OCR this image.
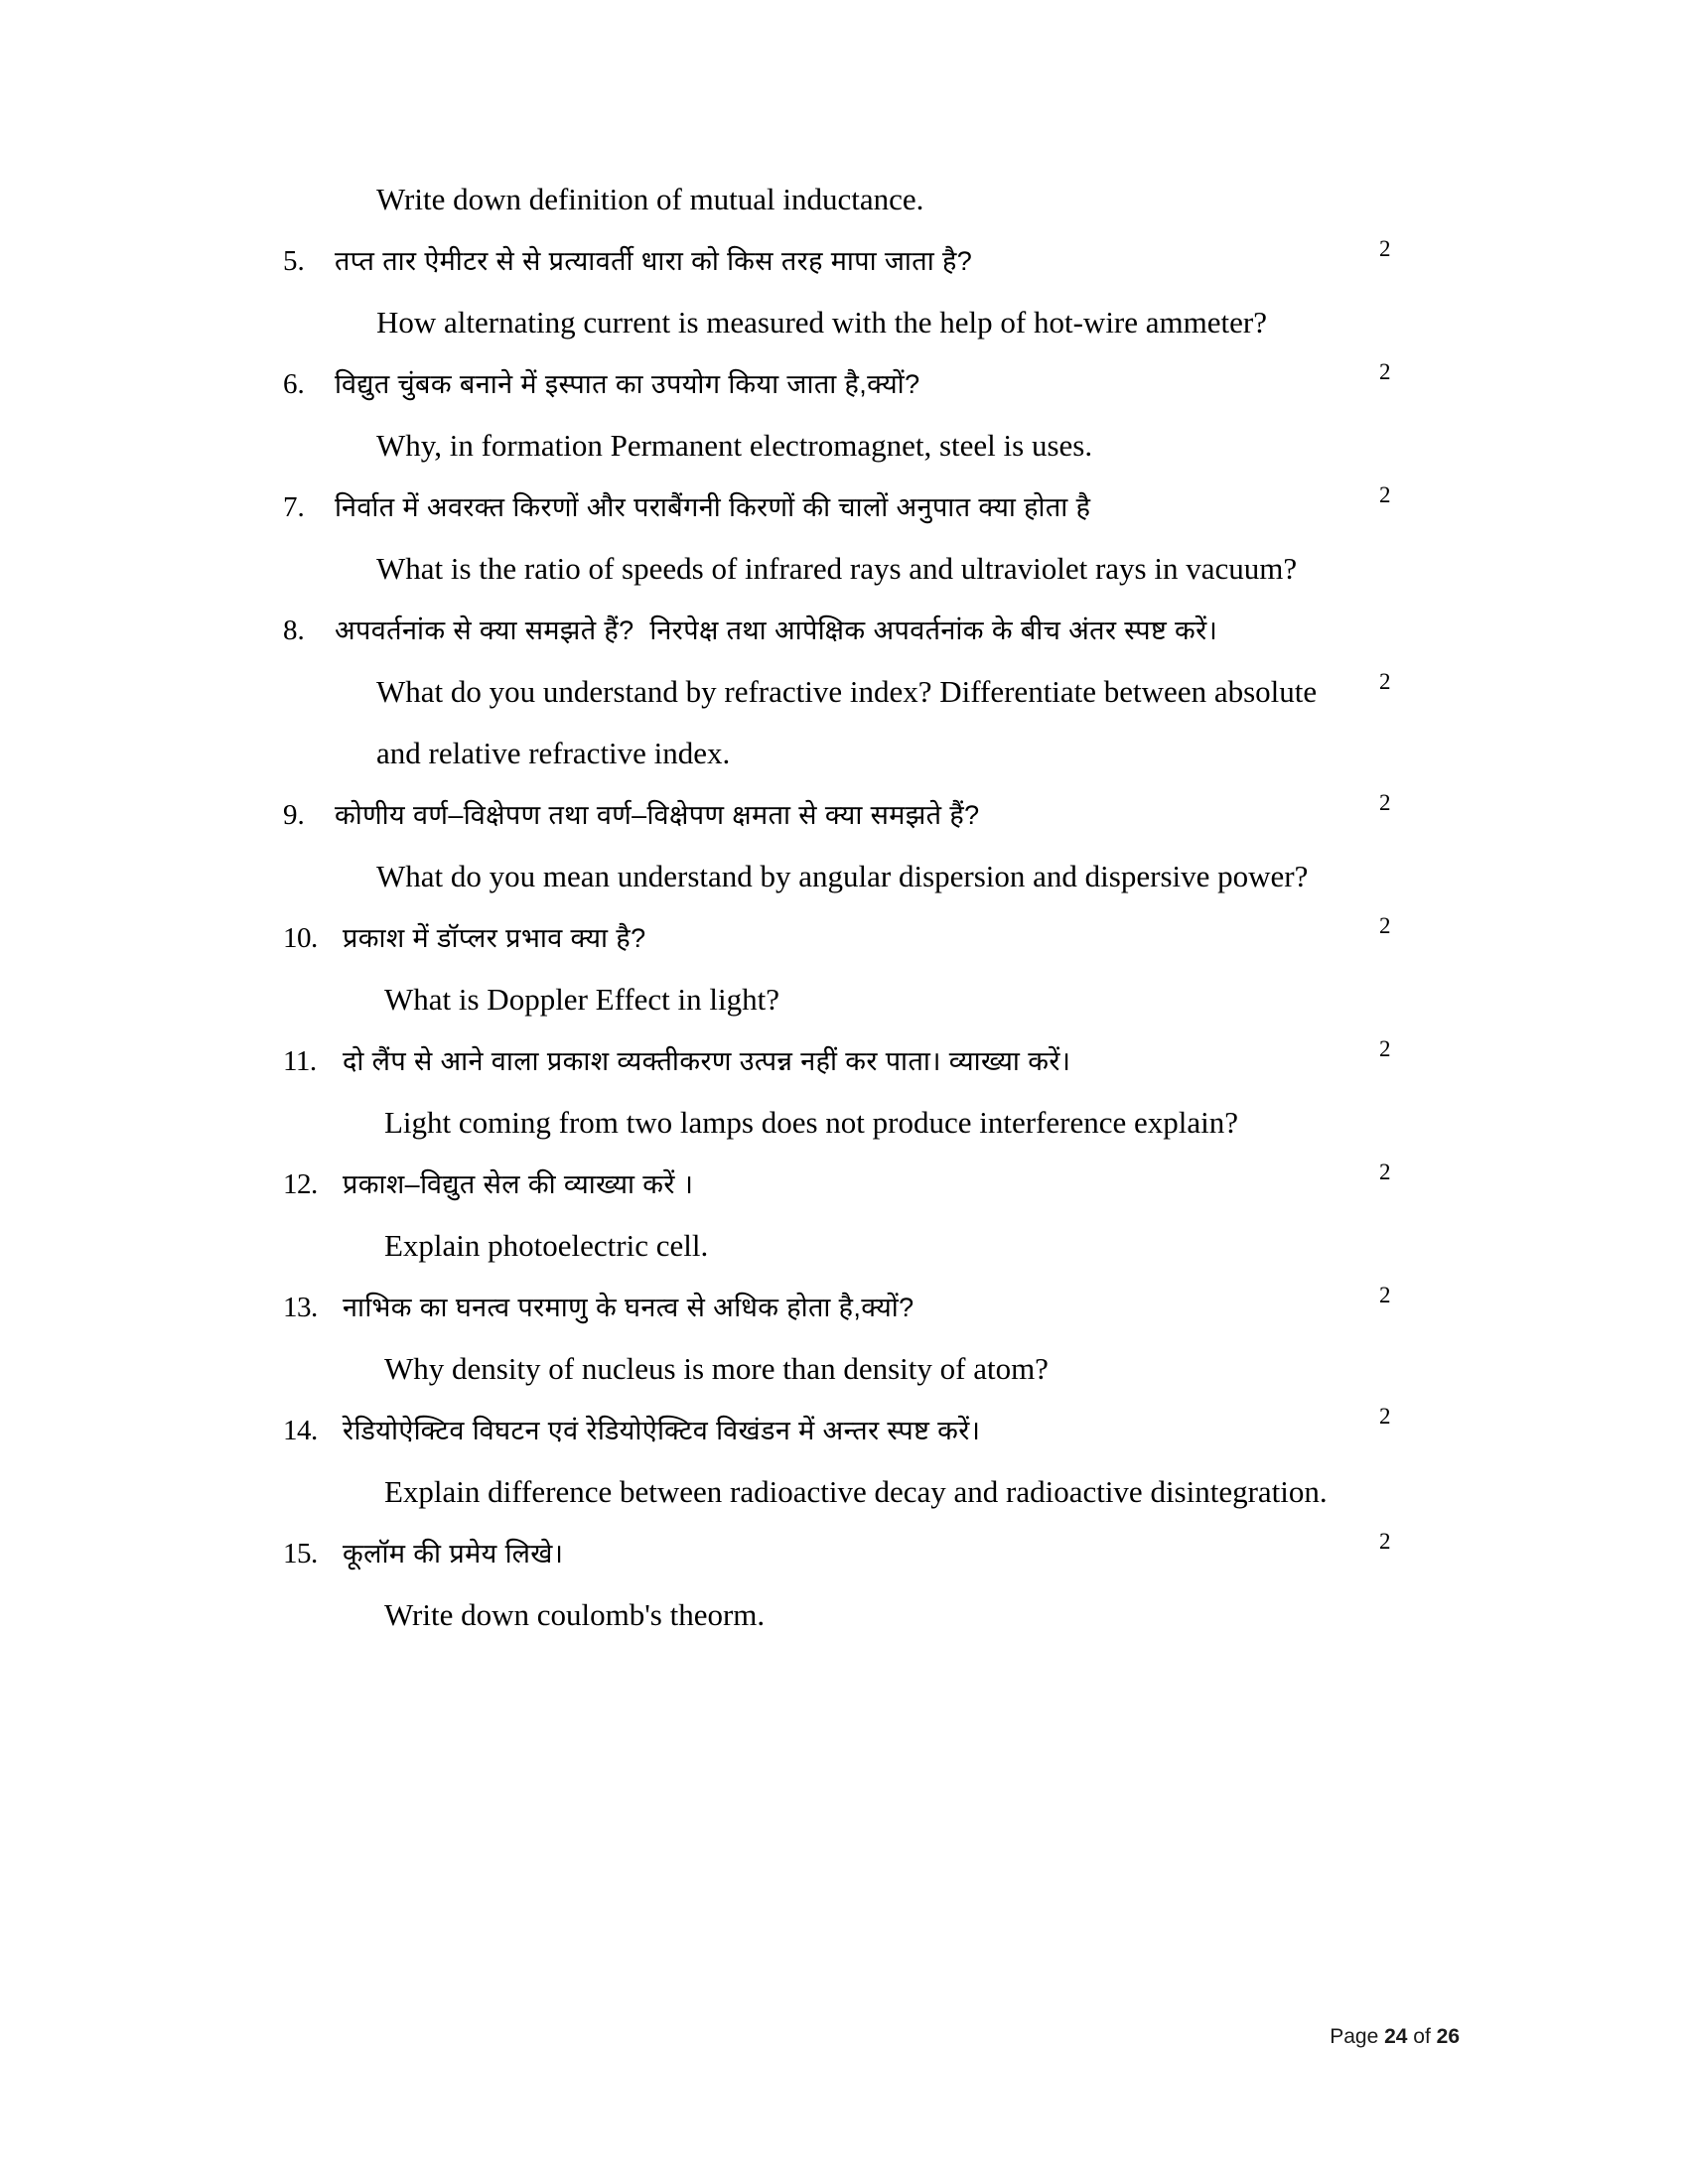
Write down definition of mutual inductance.
5.	तप्त तार ऐमीटर से से प्रत्यावर्ती धारा को किस तरह मापा जाता है?
How alternating current is measured with the help of hot-wire ammeter?
2
6.	विद्युत चुंबक बनाने में इस्पात का उपयोग किया जाता है,क्यों?
Why, in formation Permanent electromagnet, steel is uses.
2
7.	निर्वात में अवरक्त किरणों और पराबैंगनी किरणों की चालों अनुपात क्या होता है
What is the ratio of speeds of infrared rays and ultraviolet rays in vacuum?
2
8.	अपवर्तनांक से क्या समझते हैं?  निरपेक्ष तथा आपेक्षिक अपवर्तनांक के बीच अंतर स्पष्ट करें।
What do you understand by refractive index? Differentiate between absolute and relative refractive index.
2
9.	कोणीय वर्ण–विक्षेपण तथा वर्ण–विक्षेपण क्षमता से क्या समझते हैं?
What do you mean understand by angular dispersion and dispersive power?
2
10. प्रकाश में डॉप्लर प्रभाव क्या है?
What is Doppler Effect in light?
2
11. दो लैंप से आने वाला प्रकाश व्यक्तीकरण उत्पन्न नहीं कर पाता। व्याख्या करें।
Light coming from two lamps does not produce interference explain?
2
12. प्रकाश–विद्युत सेल की व्याख्या करें ।
Explain photoelectric cell.
2
13. नाभिक का घनत्व परमाणु के घनत्व से अधिक होता है,क्यों?
Why density of nucleus is more than density of atom?
2
14. रेडियोऐक्टिव विघटन एवं रेडियोऐक्टिव विखंडन में अन्तर स्पष्ट करें।
Explain difference between radioactive decay and radioactive disintegration.
2
15. कूलॉम की प्रमेय लिखे।
Write down coulomb's theorm.
2
Page 24 of 26
